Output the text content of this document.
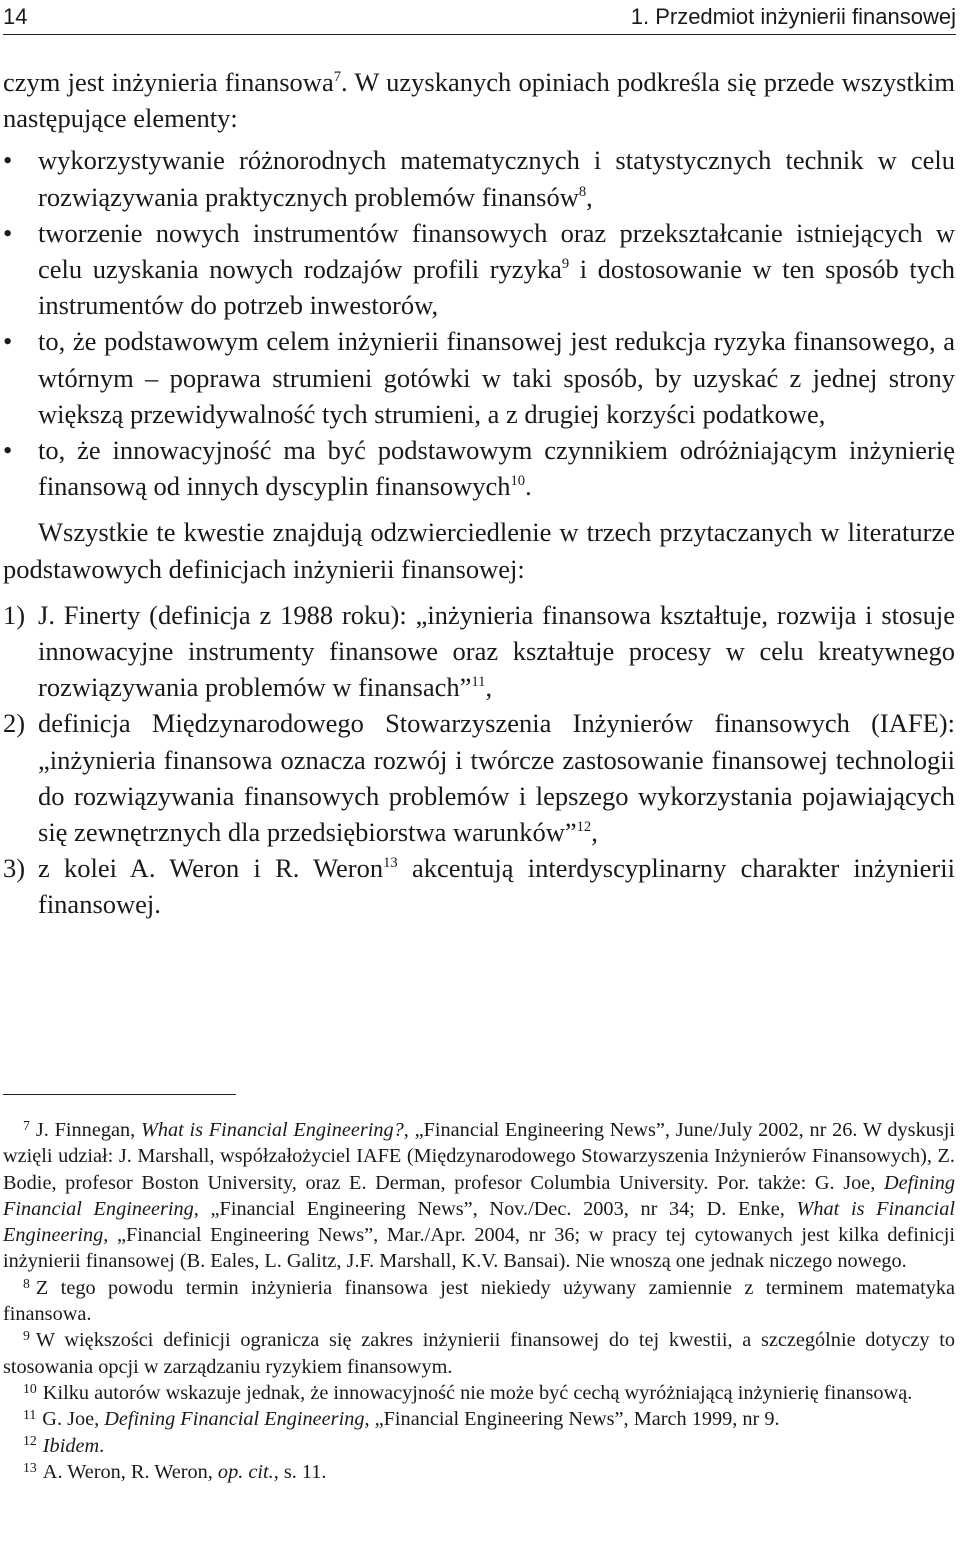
14	1. Przedmiot inżynierii finansowej

czym jest inżynieria finansowa$^7$. W uzyskanych opiniach podkreśla się przede wszystkim następujące elementy:

• wykorzystywanie różnorodnych matematycznych i statystycznych technik w celu rozwiązywania praktycznych problemów finansów$^8$,
• tworzenie nowych instrumentów finansowych oraz przekształcanie istniejących w celu uzyskania nowych rodzajów profili ryzyka$^9$ i dostosowanie w ten sposób tych instrumentów do potrzeb inwestorów,
• to, że podstawowym celem inżynierii finansowej jest redukcja ryzyka finansowego, a wtórnym – poprawa strumieni gotówki w taki sposób, by uzyskać z jednej strony większą przewidywalność tych strumieni, a z drugiej korzyści podatkowe,
• to, że innowacyjność ma być podstawowym czynnikiem odróżniającym inżynierię finansową od innych dyscyplin finansowych$^{10}$.

Wszystkie te kwestie znajdują odzwierciedlenie w trzech przytaczanych w literaturze podstawowych definicjach inżynierii finansowej:

1) J. Finerty (definicja z 1988 roku): „inżynieria finansowa kształtuje, rozwija i stosuje innowacyjne instrumenty finansowe oraz kształtuje procesy w celu kreatywnego rozwiązywania problemów w finansach”$^{11}$,
2) definicja Międzynarodowego Stowarzyszenia Inżynierów finansowych (IAFE): „inżynieria finansowa oznacza rozwój i twórcze zastosowanie finansowej technologii do rozwiązywania finansowych problemów i lepszego wykorzystania pojawiających się zewnętrznych dla przedsiębiorstwa warunków”$^{12}$,
3) z kolei A. Weron i R. Weron$^{13}$ akcentują interdyscyplinarny charakter inżynierii finansowej.

$^7$ J. Finnegan, What is Financial Engineering?, „Financial Engineering News”, June/July 2002, nr 26. W dyskusji wzięli udział: J. Marshall, współzałożyciel IAFE (Międzynarodowego Stowarzyszenia Inżynierów Finansowych), Z. Bodie, profesor Boston University, oraz E. Derman, profesor Columbia University. Por. także: G. Joe, Defining Financial Engineering, „Financial Engineering News”, Nov./Dec. 2003, nr 34; D. Enke, What is Financial Engineering, „Financial Engineering News”, Mar./Apr. 2004, nr 36; w pracy tej cytowanych jest kilka definicji inżynierii finansowej (B. Eales, L. Galitz, J.F. Marshall, K.V. Bansai). Nie wnoszą one jednak niczego nowego.

$^8$ Z tego powodu termin inżynieria finansowa jest niekiedy używany zamiennie z terminem matematyka finansowa.

$^9$ W większości definicji ogranicza się zakres inżynierii finansowej do tej kwestii, a szczególnie dotyczy to stosowania opcji w zarządzaniu ryzykiem finansowym.

$^{10}$ Kilku autorów wskazuje jednak, że innowacyjność nie może być cechą wyróżniającą inżynierię finansową.

$^{11}$ G. Joe, Defining Financial Engineering, „Financial Engineering News”, March 1999, nr 9.

$^{12}$ Ibidem.

$^{13}$ A. Weron, R. Weron, op. cit., s. 11.
